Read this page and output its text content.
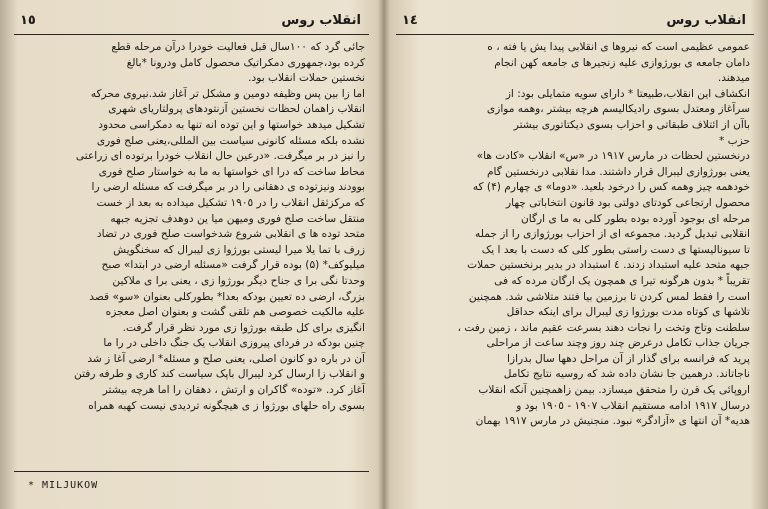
انقلاب روس
١٥

جائی گرد که ١٠٠سال قبل فعالیت خودرا درآن مرحله قطع

کرده بود،جمهوری دمکراتیک محصول کامل ودرونا *بالغ

نخستین حملات انقلاب بود.

اما زا بین پس وظیفه دومین و مشکل تر آغاز شد.نیروی محرکه

انقلاب زاهمان لحظات نخستین آزنتودهای پرولتاریای شهری

تشکیل میدهد خواستها و این توده انه تنها به دمکراسی محدود

نشده بلکه مسئله کانونی سیاست بین المللی،یعنی صلح فوری

را نیز در بر میگرفت. «درعین حال انقلاب خودرا برتوده ای زراعتی

محاط ساخت که درا ای خواستها به ما به خواستار صلح فوری

بوودند ونیزتوده ی دهقانی را در بر میگرفت که مسئله ارضی را

که مرکزثقل انقلاب را در ١٩٠٥ تشکیل میداده به بعد از خست

منتقل ساخت صلح فوری ومیهن میا ین دوهدف تجزیه جبهه

متحد توده ها ی انقلابی شروع شدخواست صلح فوری در تضاد

زرف با تما یلا میرا لیستی بورژوا زی لیبرال که سخنگویش

میلیوکف* (۵) بوده قرار گرفت «مسئله ارضی در ابتدا» صبح

وحدتا نگی برا ی جناح دیگر بورژوا زی ، یعنی برا ی ملاکین

بزرگ، ارضی ده تعیین بودکه بعدا* بطورکلی بعنوان «سو» قصد

علیه مالکیت خصوصی هم تلقی گشت و بعنوان اصل معجزه

انگیزی برای کل طبقه بورژوا زی مورد نظر قرار گرفت.

چنین بودکه در فردای پیروزی انقلاب یک جنگ داخلی در را ما

آن در باره دو کانون اصلی، یعنی صلح و مسئله* ارضی آغا ز شد

و انقلاب زا ارسال کرد لیبرال باپک سیاست کند کاری و طرفه رفتن

آغاز کرد. «توده» گاکران و ارتش ، دهقان را اما هرچه بیشتر

بسوی راه حلهای بورژوا ز ی هیچگونه تردیدی نیست کهبه همراه

* MILJUKOW
انقلاب روس
١٤

عمومی عظیمی است که نیروها ی انقلابی پیدا یش یا فته ، ه

دامان جامعه ی بورژوازی علیه زنجیرها ی جامعه کهن انجام

میدهند.

انکشاف این انقلاب،طبیعتا * دارای سویه متمایلی بود: از

سرآغاز ومعتدل بسوی رادیکالیسم هرچه بیشتر ،وهمه موازی

باآن از ائتلاف طبقاتی و احزاب بسوی دیکتاتوری بیشتر

حزب *

درنخستین لحظات در مارس ١٩١٧ در «س» انقلاب «کادت ها»

یعنی بورژوازی لیبرال قرار داشتند. مدا نقلابی درنخستین گام

خودهمه چیز وهمه کس را درخود بلعید. «دوما» ی چهارم (۴) که

محصول ارتجاعی کودتای دولتی بود قانون انتخاباتی چهار

مرحله ای بوجود آورده بوده بطور کلی به ما ی ارگان

انقلابی تبدیل گردید. مجموعه ای از احزاب بورژوازی را از جمله

تا سیونالیستها ی دست راستی بطور کلی که دست با بعد ا یک

جبهه متحد علیه استبداد زدند. ٤ استبداد در بدیر برنخستین حملات

تقریباً * بدون هرگونه تیرا ی همچون یک ارگان مرده که فی

است را فقط لمس کردن تا برزمین بیا فتند متلاشی شد. همچنین

تلاشها ی کوتاه مدت بورژوا زی لیبرال برای اینکه حداقل

سلطنت وتاج وتخت را نجات دهند بسرعت عقیم ماند ، زمین رفت ،

جریان جذاب تکامل درعرض چند روز وچند ساعت از مراحلی

پرید که فرانسه برای گذار از آن مراحل دهها سال بدرازا

ناجاتاند. درهمین جا نشان داده شد که روسیه نتایج تکامل

اروپائی یک قرن را متحقق میسازد. بیمن زاهمچنین آنکه انقلاب

درسال ١٩١٧ ادامه مستقیم انقلاب ١٩٠٧ - ١٩٠٥ بود و

هدیه* آن انتها ی «آزادگر» نبود. منجنیش در مارس ١٩١٧ بهمان
